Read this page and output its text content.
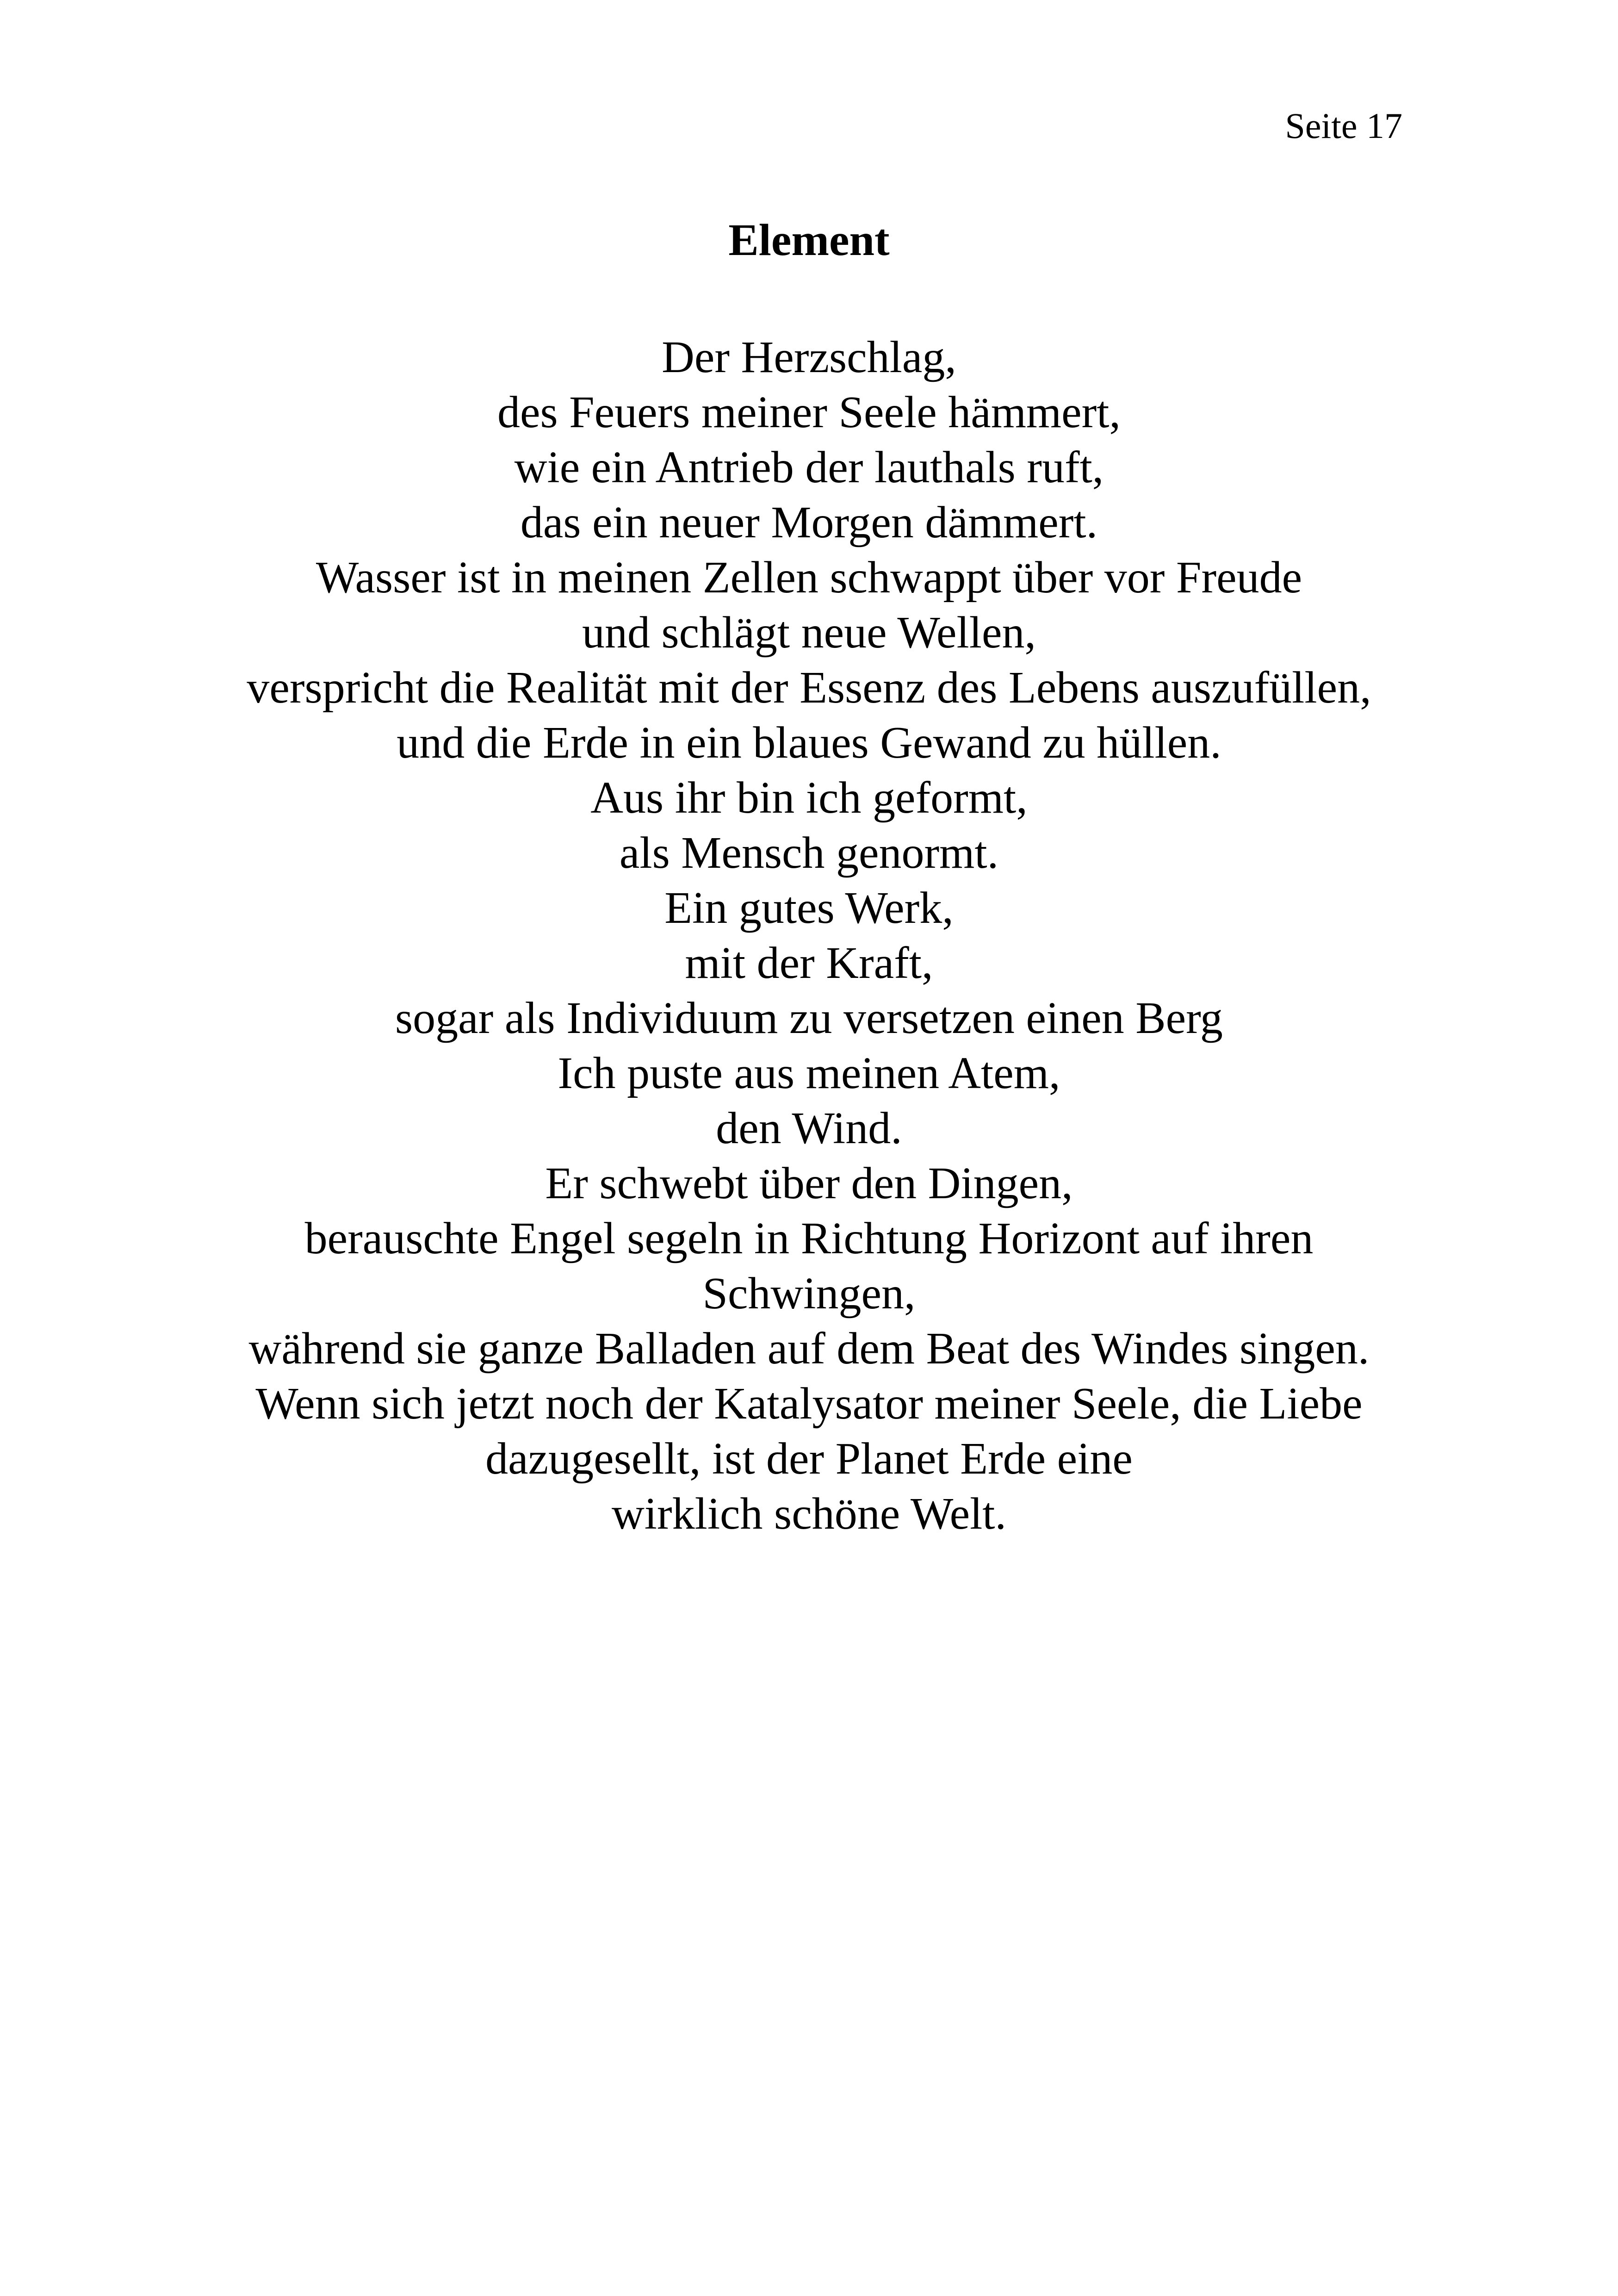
Seite 17
Element
Der Herzschlag,
des Feuers meiner Seele hämmert,
wie ein Antrieb der lauthals ruft,
das ein neuer Morgen dämmert.
Wasser ist in meinen Zellen schwappt über vor Freude
und schlägt neue Wellen,
verspricht die Realität mit der Essenz des Lebens auszufüllen,
und die Erde in ein blaues Gewand zu hüllen.
Aus ihr bin ich geformt,
als Mensch genormt.
Ein gutes Werk,
mit der Kraft,
sogar als Individuum zu versetzen einen Berg
Ich puste aus meinen Atem,
den Wind.
Er schwebt über den Dingen,
berauschte Engel segeln in Richtung Horizont auf ihren
Schwingen,
während sie ganze Balladen auf dem Beat des Windes singen.
Wenn sich jetzt noch der Katalysator meiner Seele, die Liebe
dazugesellt, ist der Planet Erde eine
wirklich schöne Welt.
